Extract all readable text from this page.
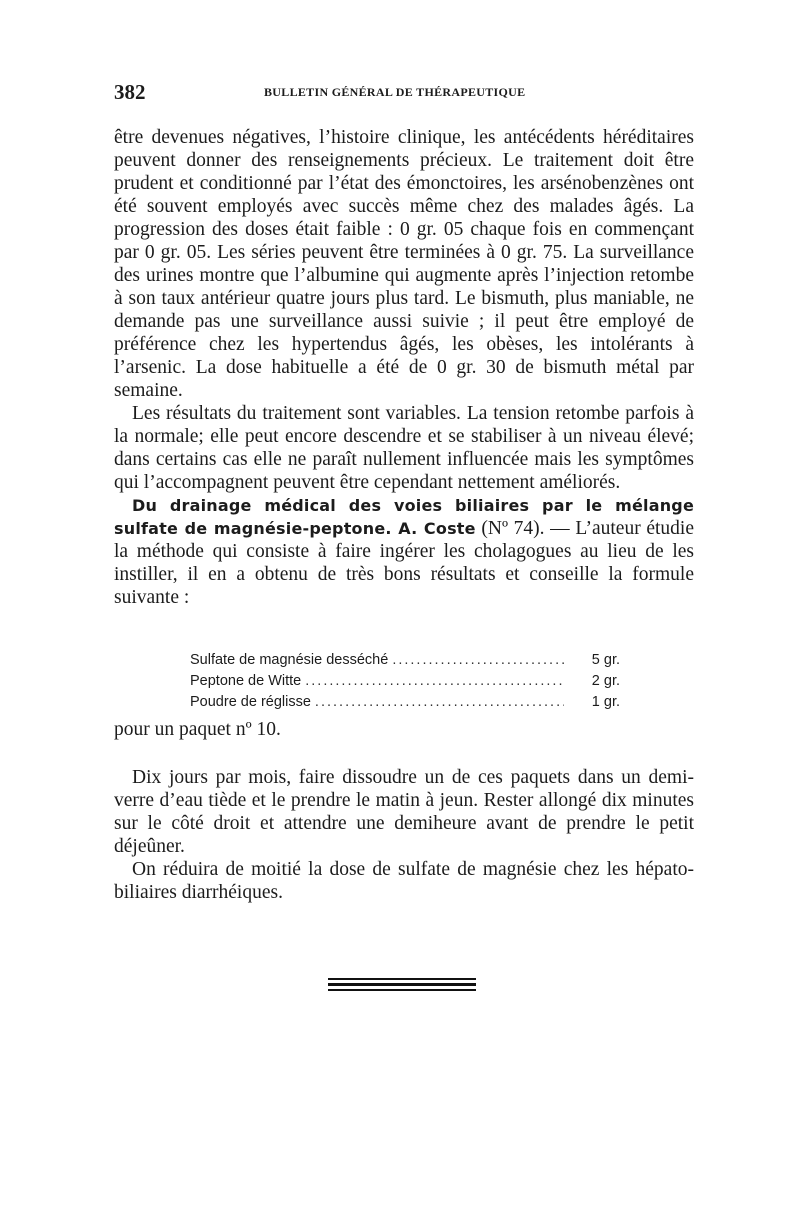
382	BULLETIN GÉNÉRAL DE THÉRAPEUTIQUE

être devenues négatives, l’histoire clinique, les antécédents héréditaires peuvent donner des renseignements précieux. Le traitement doit être prudent et conditionné par l’état des émonctoires, les arsénobenzènes ont été souvent employés avec succès même chez des malades âgés. La progression des doses était faible : 0 gr. 05 chaque fois en commençant par 0 gr. 05. Les séries peuvent être terminées à 0 gr. 75. La surveillance des urines montre que l’albumine qui augmente après l’injection retombe à son taux antérieur quatre jours plus tard. Le bismuth, plus maniable, ne demande pas une surveillance aussi suivie ; il peut être employé de préférence chez les hypertendus âgés, les obèses, les intolérants à l’arsenic. La dose habituelle a été de 0 gr. 30 de bismuth métal par semaine.

Les résultats du traitement sont variables. La tension retombe parfois à la normale; elle peut encore descendre et se stabiliser à un niveau élevé; dans certains cas elle ne paraît nullement influencée mais les symptômes qui l’accompagnent peuvent être cependant nettement améliorés.

Du drainage médical des voies biliaires par le mélange sulfate de magnésie-peptone. A. Coste (Nº 74). — L’auteur étudie la méthode qui consiste à faire ingérer les cholagogues au lieu de les instiller, il en a obtenu de très bons résultats et conseille la formule suivante :

Sulfate de magnésie desséché .....	5 gr.
Peptone de Witte .....	2 gr.
Poudre de réglisse .....	1 gr.
pour un paquet nº 10.

Dix jours par mois, faire dissoudre un de ces paquets dans un demi-verre d’eau tiède et le prendre le matin à jeun. Rester allongé dix minutes sur le côté droit et attendre une demiheure avant de prendre le petit déjeûner.

On réduira de moitié la dose de sulfate de magnésie chez les hépato-biliaires diarrhéiques.
